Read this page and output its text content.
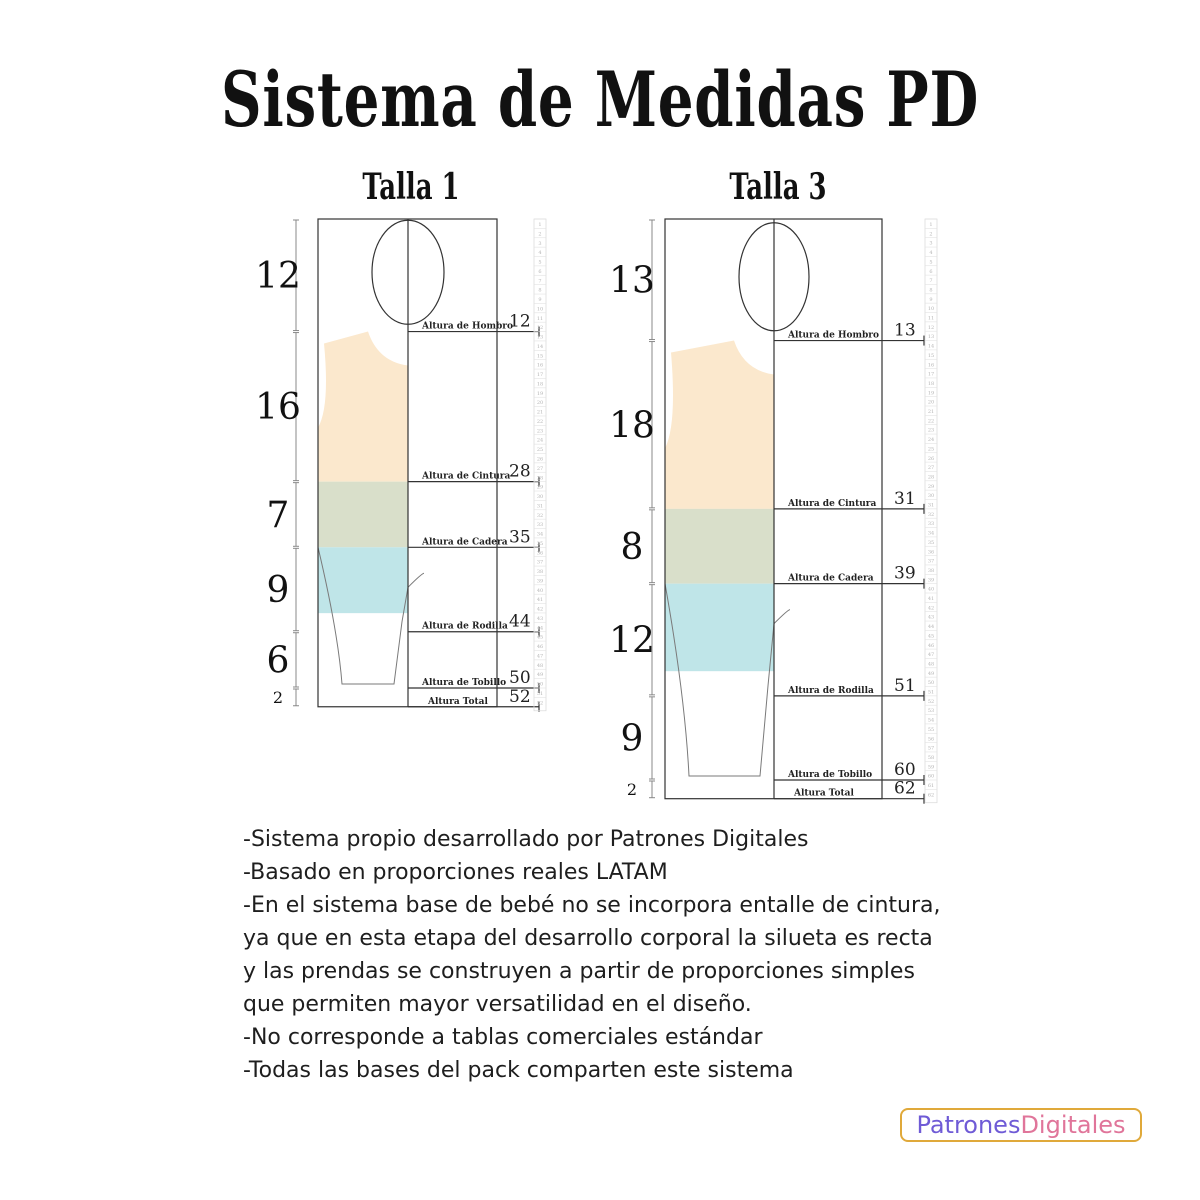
Sistema de Medidas PD
Talla 1	Talla 3
Altura de Hombro
12
Altura de Cintura
28
Altura de Cadera 35
Altura de Rodilla 44
Altura de Tobillo 50
Altura Total 52
12
16
7
9
6
2
1
2
3
4
5
6
7
8
9
10
11
12
13
14
15
16
17
18
19
20
21
22
23
24
25
26
27
28
29
30
31
32
33
34
35
36
37
38
39
40
41
42
43
44
45
46
47
48
49
50
51
52
Altura de Hombro 13
Altura de Cintura 31
Altura de Cadera 39
Altura de Rodilla 51
Altura de Tobillo 60
Altura Total 62
13
18
8
12
9
2
1
2
3
4
5
6
7
8
9
10
11
12
13
14
15
16
17
18
19
20
21
22
23
24
25
26
27
28
29
30
31
32
33
34
35
36
37
38
39
40
41
42
43
44
45
46
47
48
49
50
51
52
53
54
55
56
57
58
59
60
61
62
-Sistema propio desarrollado por Patrones Digitales
-Basado en proporciones reales LATAM
-En el sistema base de bebé no se incorpora entalle de cintura,
ya que en esta etapa del desarrollo corporal la silueta es recta
y las prendas se construyen a partir de proporciones simples
que permiten mayor versatilidad en el diseño.
-No corresponde a tablas comerciales estándar
-Todas las bases del pack comparten este sistema
PatronesDigitales
